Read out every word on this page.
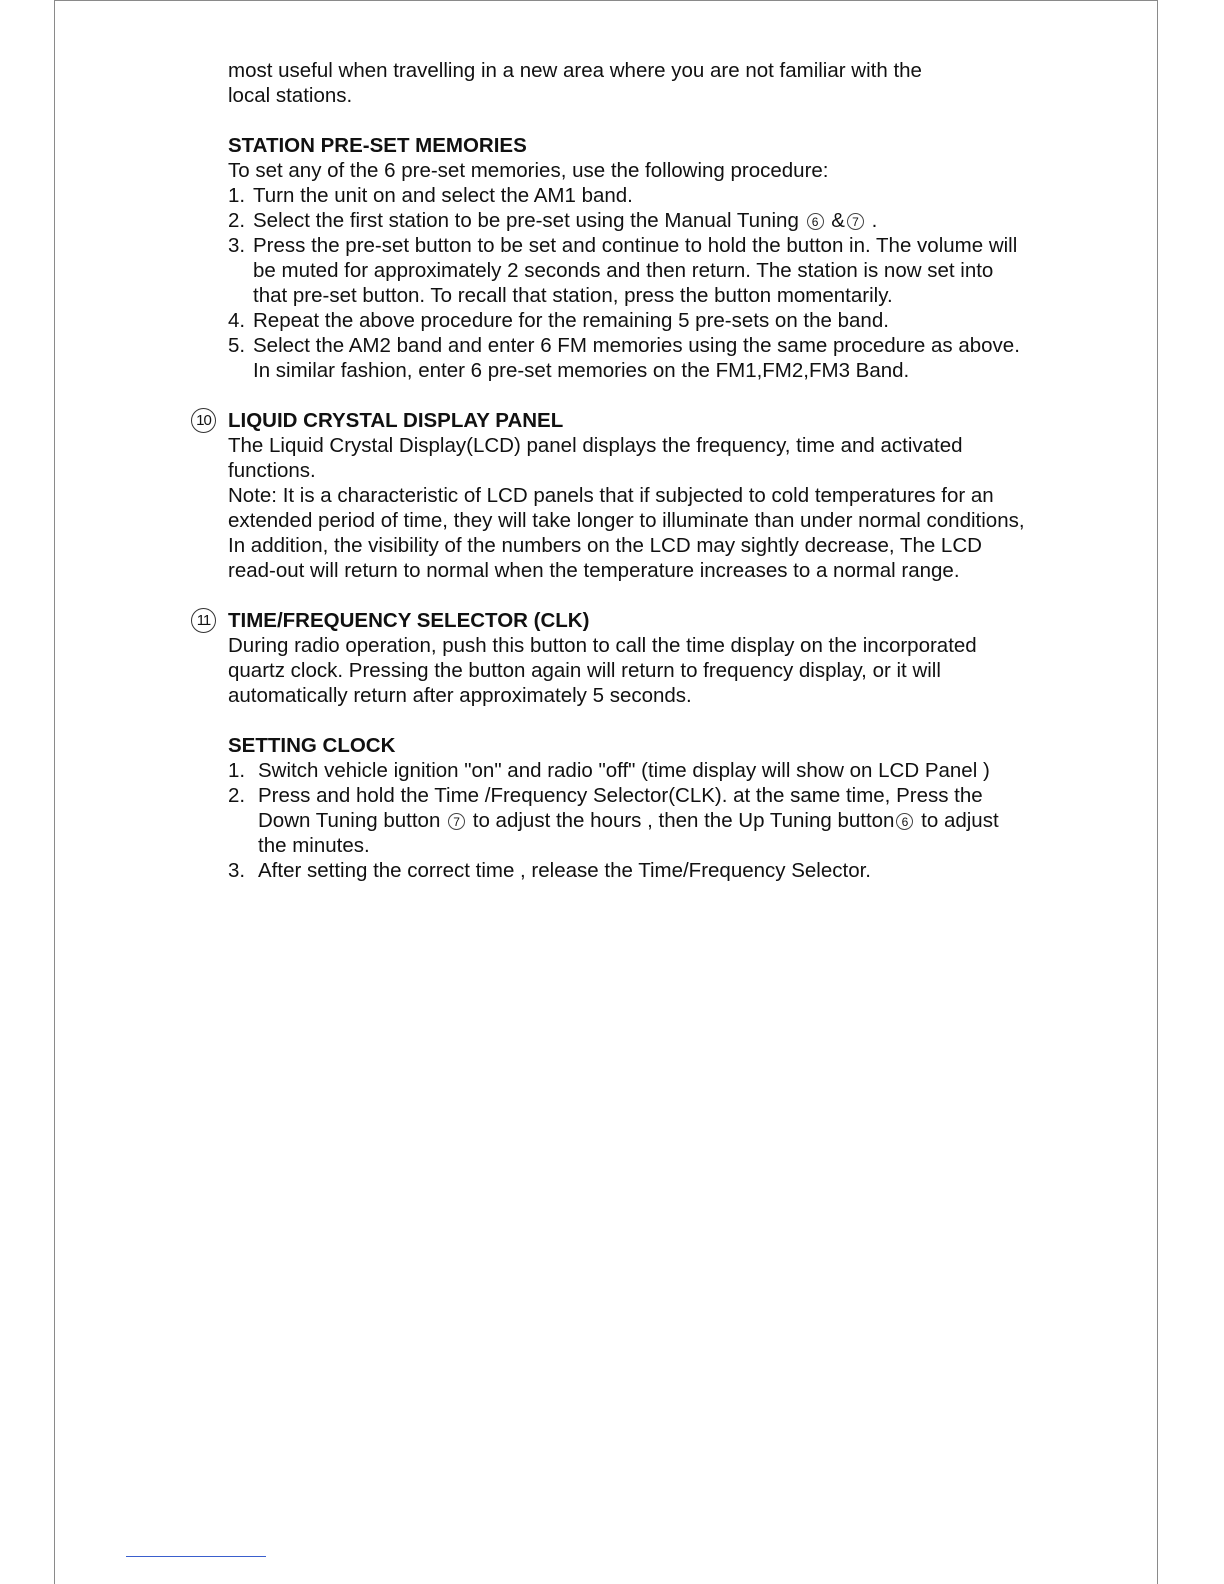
most useful when travelling in a new area where you are not familiar with the

local stations.

STATION PRE-SET MEMORIES

To set any of the 6 pre-set memories, use the following procedure:

1. Turn the unit on and select the AM1 band.
2. Select the first station to be pre-set using the Manual Tuning 6 & 7 .
3. Press the pre-set button to be set and continue to hold the button in. The volume will be muted for approximately 2 seconds and then return. The station is now set into that pre-set button. To recall that station, press the button momentarily.
4. Repeat the above procedure for the remaining 5 pre-sets on the band.
5. Select the AM2 band and enter 6 FM memories using the same procedure as above. In similar fashion, enter 6 pre-set memories on the FM1,FM2,FM3 Band.
10 LIQUID CRYSTAL DISPLAY PANEL

The Liquid Crystal Display(LCD) panel displays the frequency, time and activated functions.

Note: It is a characteristic of LCD panels that if subjected to cold temperatures for an extended period of time, they will take longer to illuminate than under normal conditions, In addition, the visibility of the numbers on the LCD may sightly decrease, The LCD read-out will return to normal when the temperature increases to a normal range.

11 TIME/FREQUENCY SELECTOR (CLK)

During radio operation, push this button to call the time display on the incorporated quartz clock. Pressing the button again will return to frequency display, or it will automatically return after approximately 5 seconds.

SETTING CLOCK

1. Switch vehicle ignition "on" and radio "off" (time display will show on LCD Panel )
2. Press and hold the Time /Frequency Selector(CLK). at the same time, Press the Down Tuning button 7 to adjust the hours , then the Up Tuning button 6 to adjust the minutes.
3. After setting the correct time , release the Time/Frequency Selector.
